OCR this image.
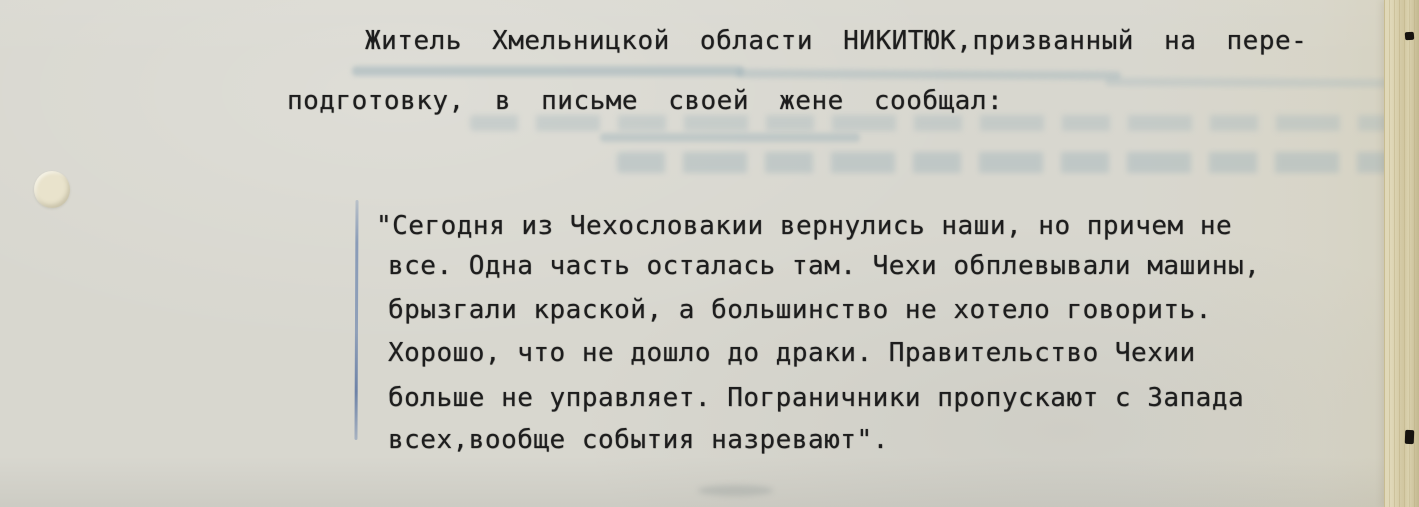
Житель Хмельницкой области НИКИТЮК,призванный на пере-
подготовку, в письме своей жене сообщал:
"Сегодня из Чехословакии вернулись наши, но причем не
все. Одна часть осталась там. Чехи обплевывали машины,
брызгали краской, а большинство не хотело говорить.
Хорошо, что не дошло до драки. Правительство Чехии
больше не управляет. Пограничники пропускают с Запада
всех,вообще события назревают".
